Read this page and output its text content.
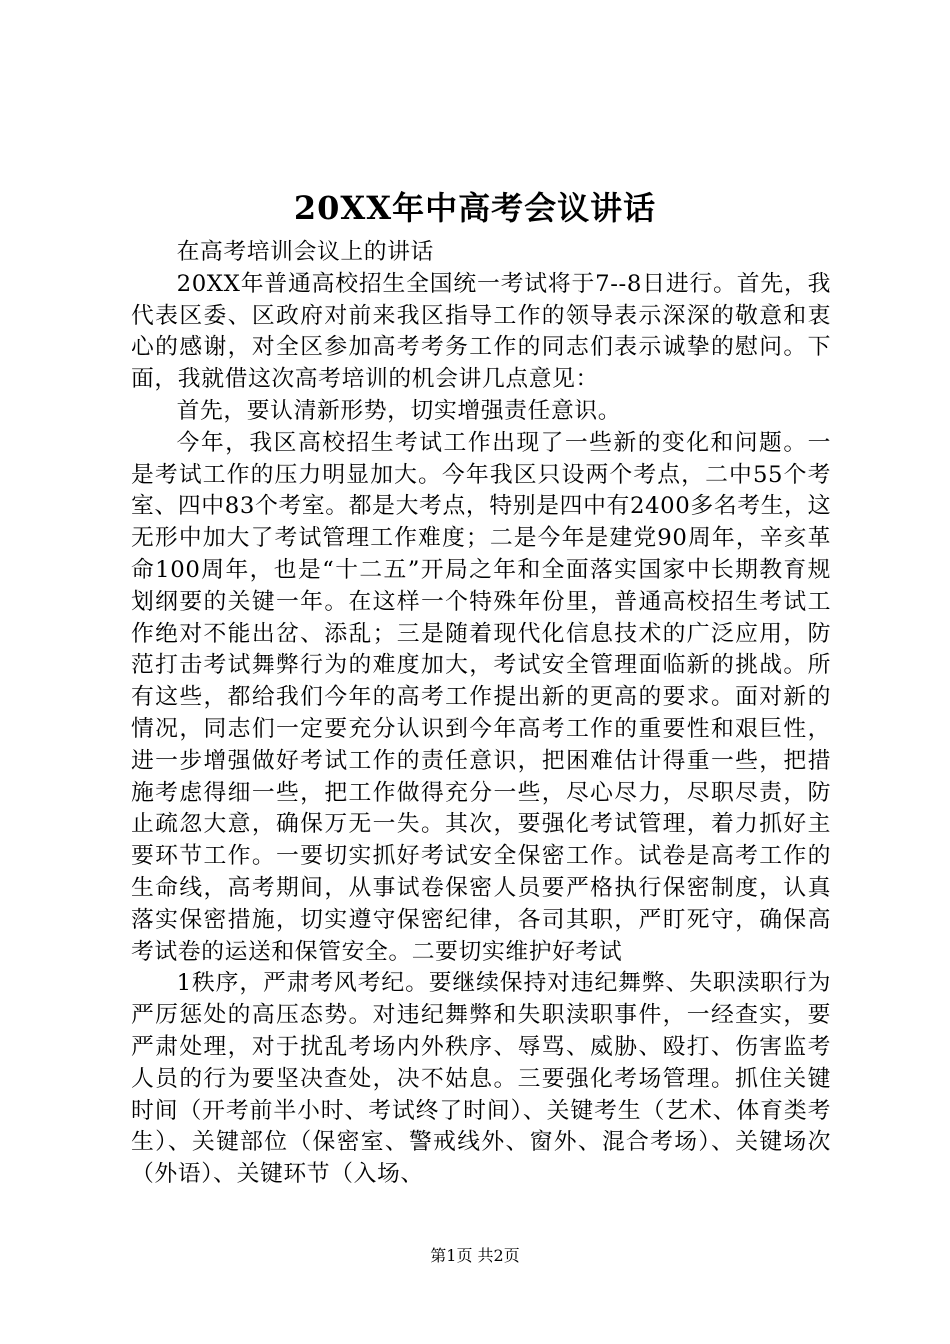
20XX年中高考会议讲话

在高考培训会议上的讲话

20XX年普通高校招生全国统一考试将于7--8日进行。首先，我代表区委、区政府对前来我区指导工作的领导表示深深的敬意和衷心的感谢，对全区参加高考考务工作的同志们表示诚挚的慰问。下面，我就借这次高考培训的机会讲几点意见：

首先，要认清新形势，切实增强责任意识。

今年，我区高校招生考试工作出现了一些新的变化和问题。一是考试工作的压力明显加大。今年我区只设两个考点，二中55个考室、四中83个考室。都是大考点，特别是四中有2400多名考生，这无形中加大了考试管理工作难度；二是今年是建党90周年，辛亥革命100周年，也是“十二五”开局之年和全面落实国家中长期教育规划纲要的关键一年。在这样一个特殊年份里，普通高校招生考试工作绝对不能出岔、添乱；三是随着现代化信息技术的广泛应用，防范打击考试舞弊行为的难度加大，考试安全管理面临新的挑战。所有这些，都给我们今年的高考工作提出新的更高的要求。面对新的情况，同志们一定要充分认识到今年高考工作的重要性和艰巨性，进一步增强做好考试工作的责任意识，把困难估计得重一些，把措施考虑得细一些，把工作做得充分一些，尽心尽力，尽职尽责，防止疏忽大意，确保万无一失。其次，要强化考试管理，着力抓好主要环节工作。一要切实抓好考试安全保密工作。试卷是高考工作的生命线，高考期间，从事试卷保密人员要严格执行保密制度，认真落实保密措施，切实遵守保密纪律，各司其职，严盯死守，确保高考试卷的运送和保管安全。二要切实维护好考试

1秩序，严肃考风考纪。要继续保持对违纪舞弊、失职渎职行为严厉惩处的高压态势。对违纪舞弊和失职渎职事件，一经查实，要严肃处理，对于扰乱考场内外秩序、辱骂、威胁、殴打、伤害监考人员的行为要坚决查处，决不姑息。三要强化考场管理。抓住关键时间（开考前半小时、考试终了时间）、关键考生（艺术、体育类考生）、关键部位（保密室、警戒线外、窗外、混合考场）、关键场次（外语）、关键环节（入场、

第1页 共2页
